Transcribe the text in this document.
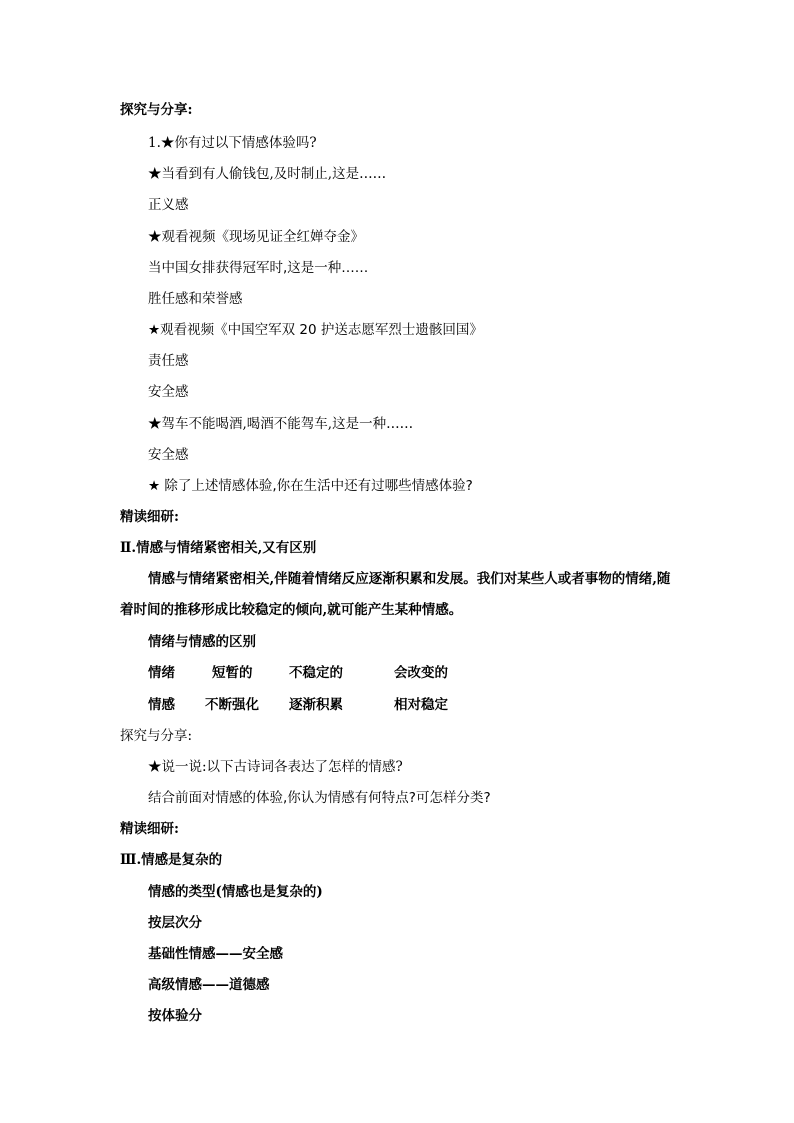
探究与分享:
1.★你有过以下情感体验吗?
★当看到有人偷钱包,及时制止,这是……
正义感
★观看视频《现场见证全红婵夺金》
当中国女排获得冠军时,这是一种……
胜任感和荣誉感
★观看视频《中国空军双 20 护送志愿军烈士遗骸回国》
责任感
安全感
★驾车不能喝酒,喝酒不能驾车,这是一种……
安全感
★ 除了上述情感体验,你在生活中还有过哪些情感体验?
精读细研:
Ⅱ.情感与情绪紧密相关,又有区别
情感与情绪紧密相关,伴随着情绪反应逐渐积累和发展。我们对某些人或者事物的情绪,随着时间的推移形成比较稳定的倾向,就可能产生某种情感。
情绪与情感的区别
情绪	短暂的	不稳定的	会改变的
情感 不断强化 逐渐积累	相对稳定
探究与分享:
★说一说:以下古诗词各表达了怎样的情感?
结合前面对情感的体验,你认为情感有何特点?可怎样分类?
精读细研:
Ⅲ.情感是复杂的
情感的类型(情感也是复杂的)
按层次分
基础性情感——安全感
高级情感——道德感
按体验分
